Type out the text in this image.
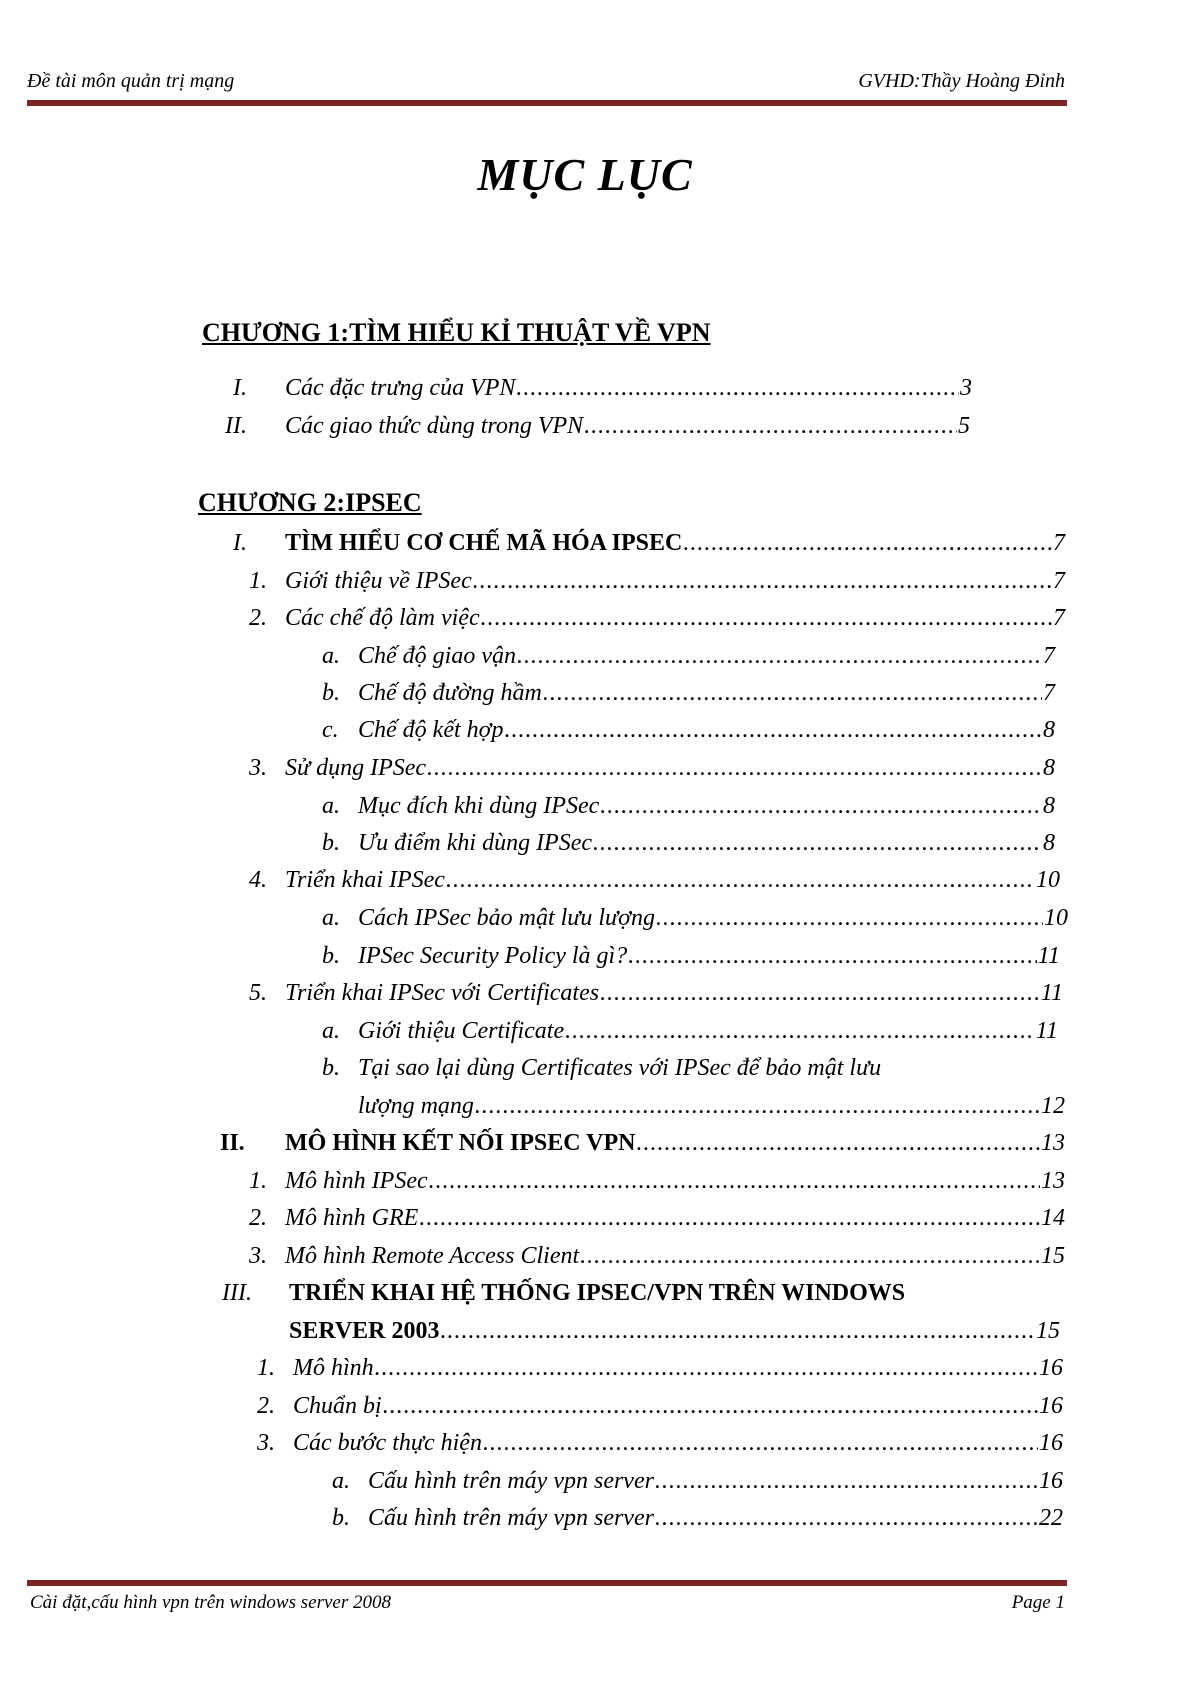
Đề tài môn quản trị mạng	GVHD:Thầy Hoàng Đỉnh
MỤC LỤC
CHƯƠNG 1:TÌM HIỂU KỈ THUẬT VỀ VPN
I. Các đặc trưng của VPN .....	3
II. Các giao thức dùng trong VPN .....	5
CHƯƠNG 2:IPSEC
I. TÌM HIỂU CƠ CHẾ MÃ HÓA IPSEC .....	7
1. Giới thiệu về IPSec .....	7
2. Các chế độ làm việc .....	7
a. Chế độ giao vận .....	7
b. Chế độ đường hầm .....	7
c. Chế độ kết hợp .....	8
3. Sử dụng IPSec .....	8
a. Mục đích khi dùng IPSec .....	8
b. Ưu điểm khi dùng IPSec .....	8
4. Triển khai IPSec .....	10
a. Cách IPSec bảo mật lưu lượng .....	10
b. IPSec Security Policy là gì? .....	11
5. Triển khai IPSec với Certificates .....	11
a. Giới thiệu Certificate .....	11
b. Tại sao lại dùng Certificates với IPSec để bảo mật lưu
lượng mạng .....	12
II. MÔ HÌNH KẾT NỐI IPSEC VPN .....	13
1. Mô hình IPSec .....	13
2. Mô hình GRE .....	14
3. Mô hình Remote Access Client .....	15
III. TRIỂN KHAI HỆ THỐNG IPSEC/VPN TRÊN WINDOWS
SERVER 2003 .....	15
1. Mô hình .....	16
2. Chuẩn bị .....	16
3. Các bước thực hiện .....	16
a. Cấu hình trên máy vpn server .....	16
b. Cấu hình trên máy vpn server .....	22
Cài đặt,cấu hình vpn trên windows server 2008	Page 1
